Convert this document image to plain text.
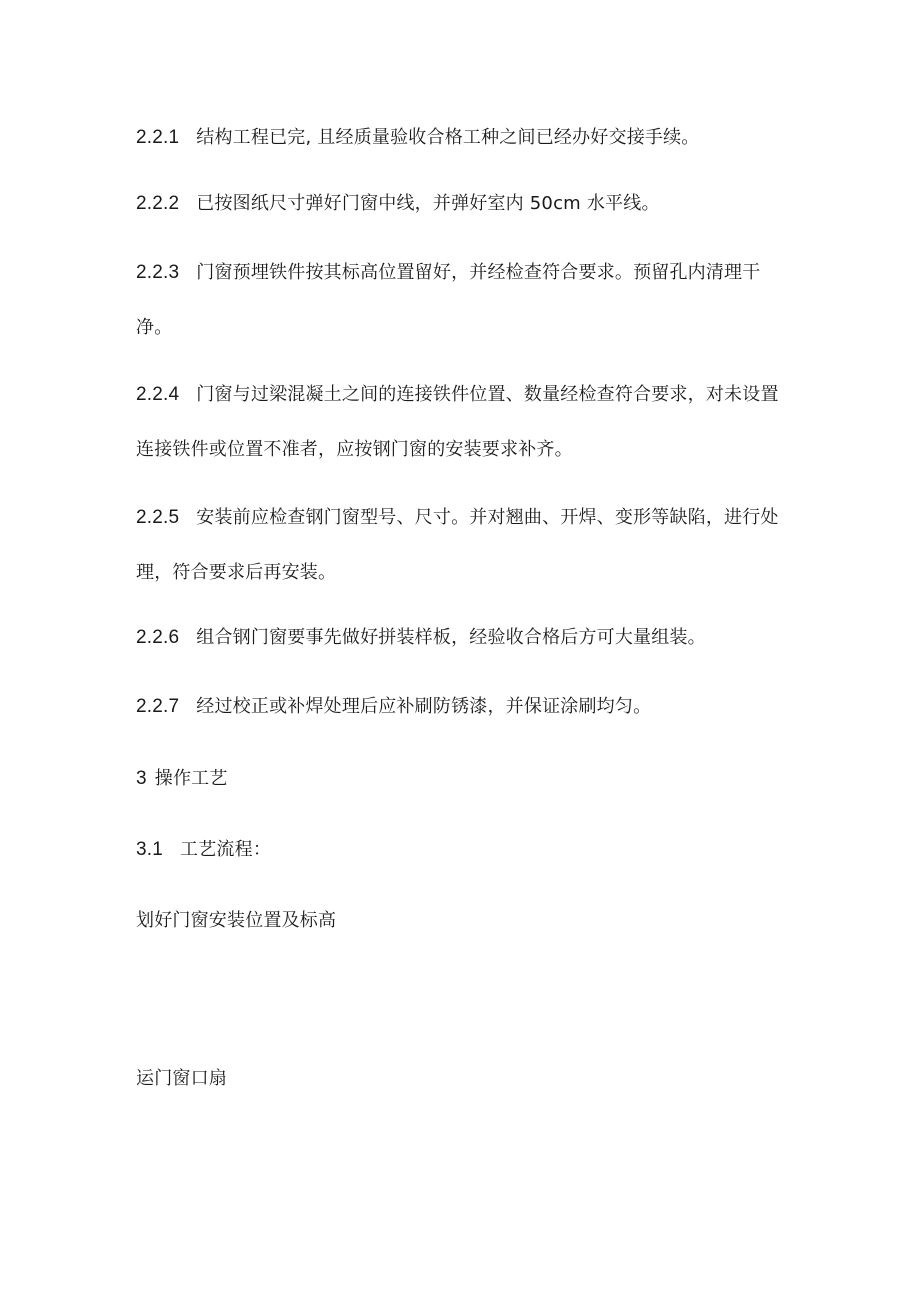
2.2.1 结构工程已完, 且经质量验收合格工种之间已经办好交接手续。

2.2.2 已按图纸尺寸弹好门窗中线，并弹好室内 50cm 水平线。

2.2.3 门窗预埋铁件按其标高位置留好，并经检查符合要求。预留孔内清理干净。

2.2.4 门窗与过梁混凝土之间的连接铁件位置、数量经检查符合要求，对未设置连接铁件或位置不准者，应按钢门窗的安装要求补齐。

2.2.5 安装前应检查钢门窗型号、尺寸。并对翘曲、开焊、变形等缺陷，进行处理，符合要求后再安装。

2.2.6 组合钢门窗要事先做好拼装样板，经验收合格后方可大量组装。

2.2.7 经过校正或补焊处理后应补刷防锈漆，并保证涂刷均匀。

3 操作工艺

3.1 工艺流程：

划好门窗安装位置及标高

运门窗口扇
